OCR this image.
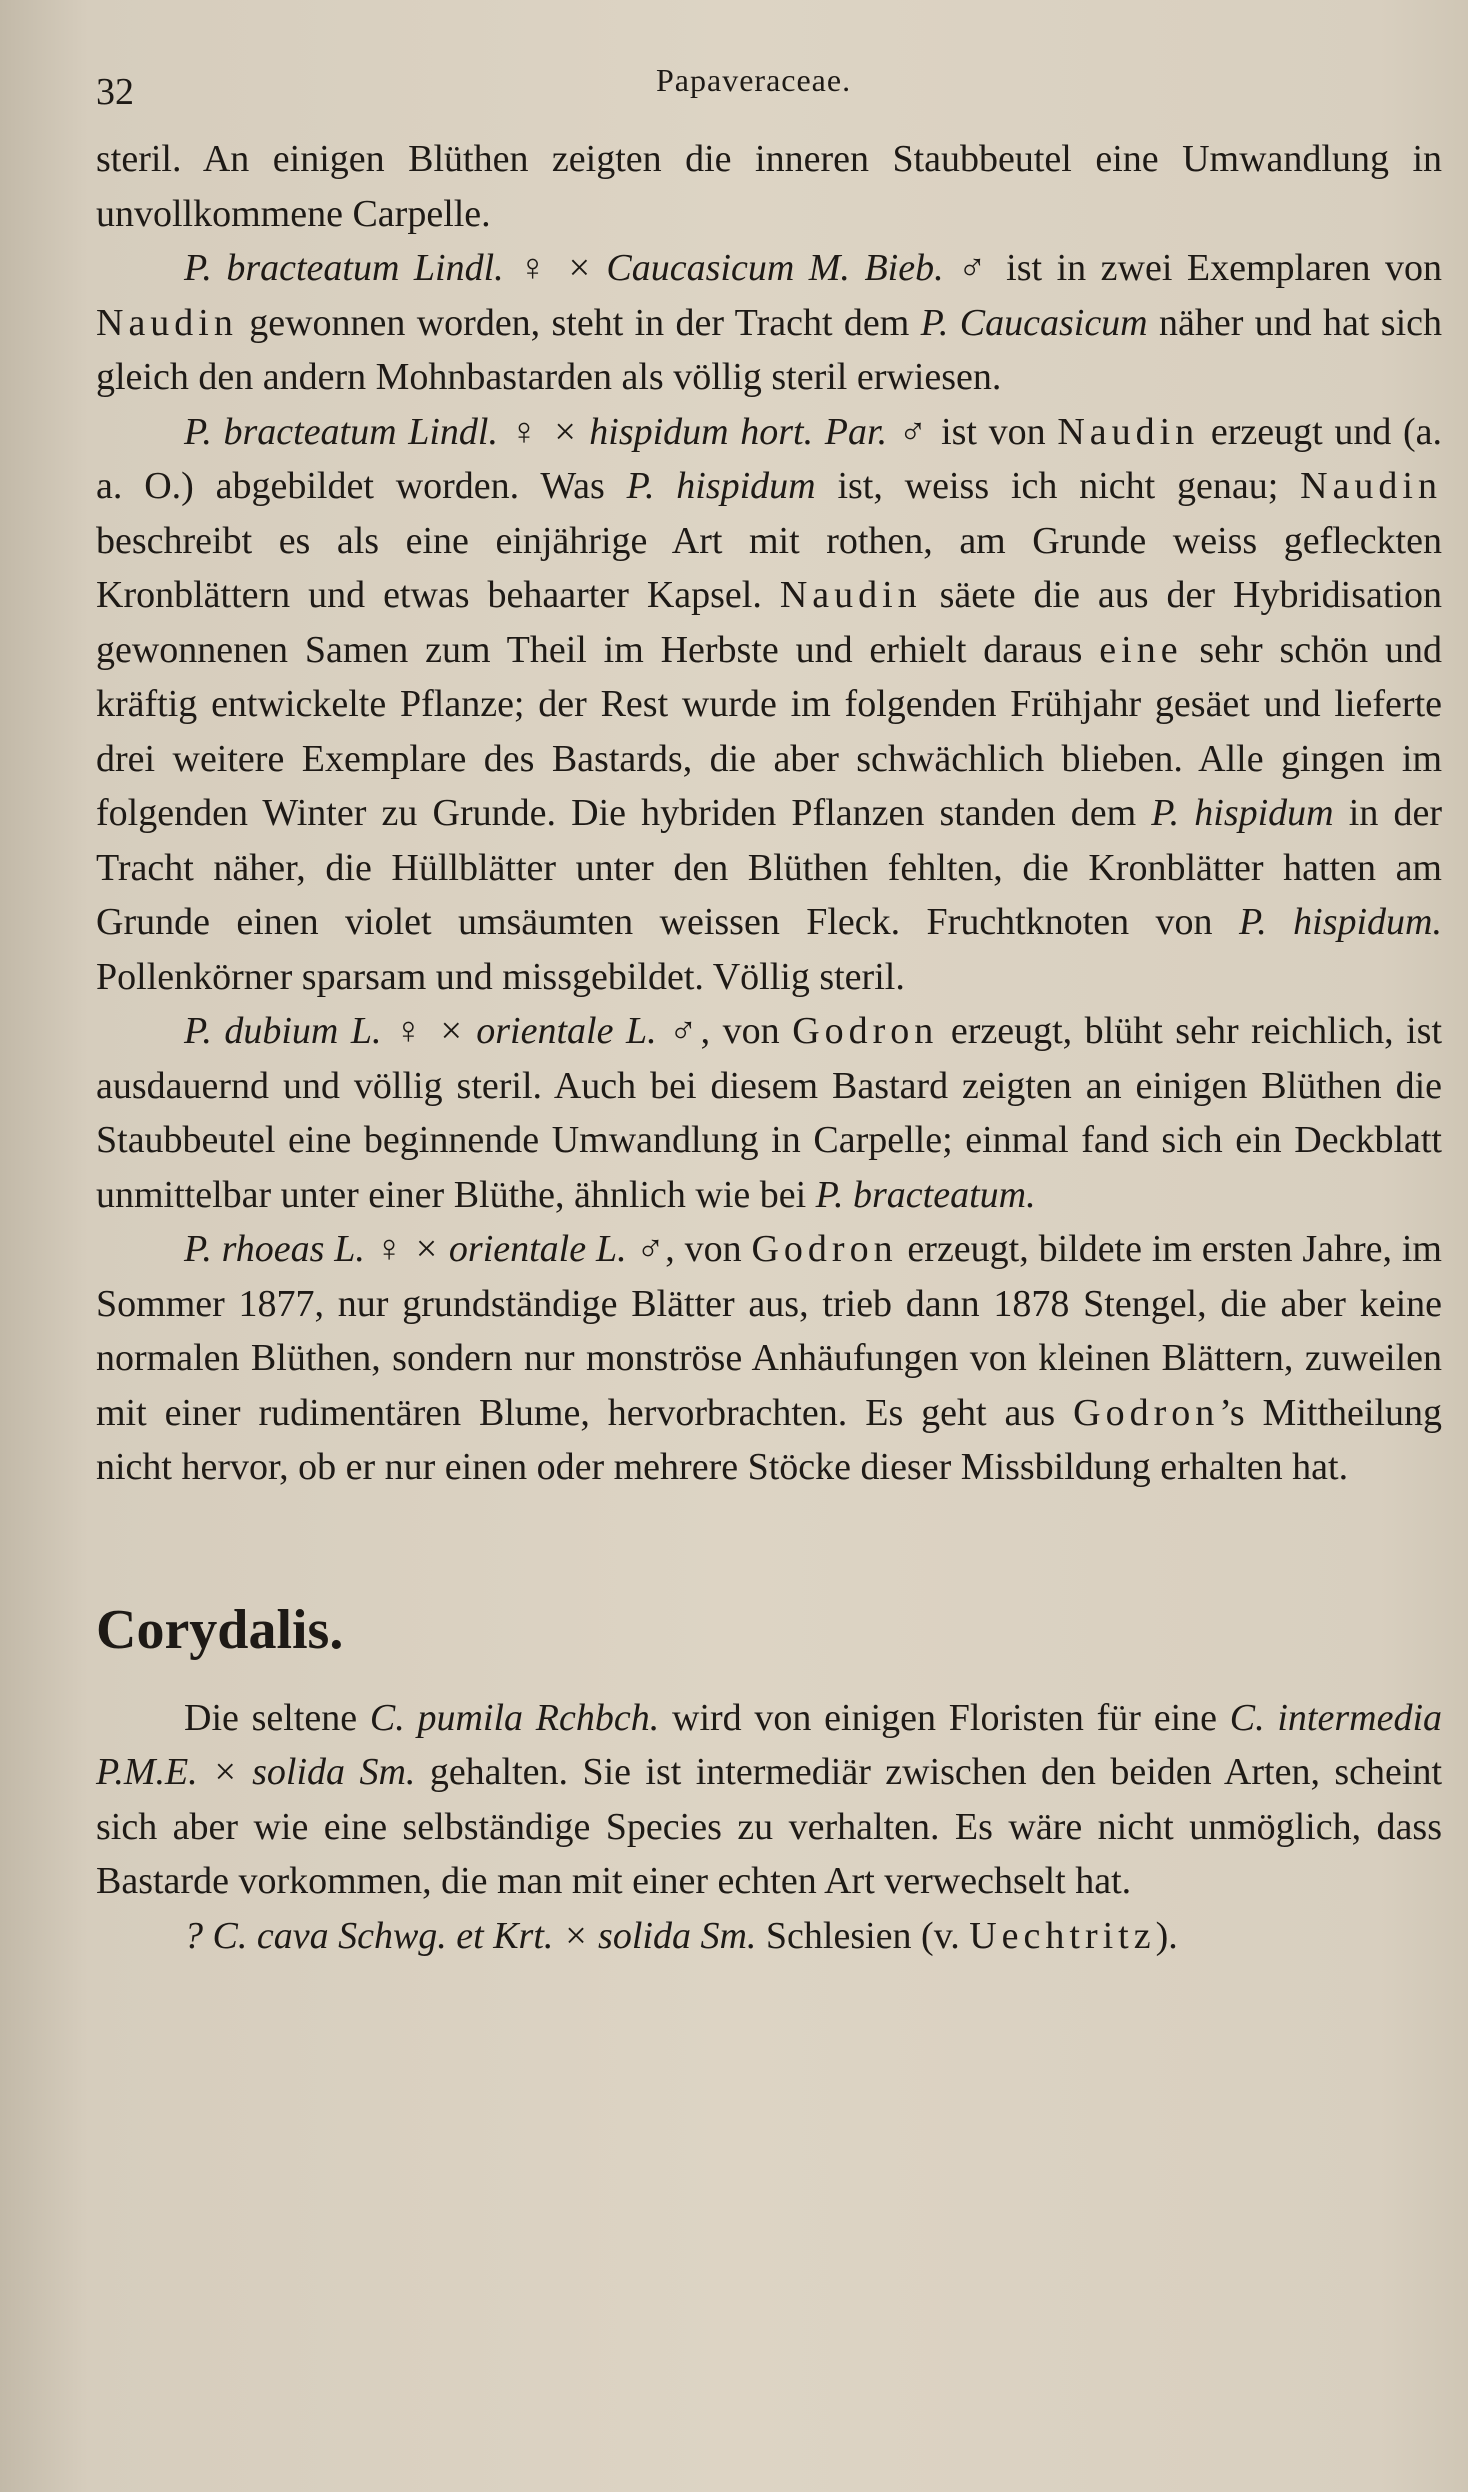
32	Papaveraceae.

steril. An einigen Blüthen zeigten die inneren Staubbeutel eine Umwandlung in unvollkommene Carpelle.

P. bracteatum Lindl. ♀ × Caucasicum M. Bieb. ♂ ist in zwei Exemplaren von Naudin gewonnen worden, steht in der Tracht dem P. Caucasicum näher und hat sich gleich den andern Mohnbastarden als völlig steril erwiesen.

P. bracteatum Lindl. ♀ × hispidum hort. Par. ♂ ist von Naudin erzeugt und (a. a. O.) abgebildet worden. Was P. hispidum ist, weiss ich nicht genau; Naudin beschreibt es als eine einjährige Art mit rothen, am Grunde weiss gefleckten Kronblättern und etwas behaarter Kapsel. Naudin säete die aus der Hybridisation gewonnenen Samen zum Theil im Herbste und erhielt daraus eine sehr schön und kräftig entwickelte Pflanze; der Rest wurde im folgenden Frühjahr gesäet und lieferte drei weitere Exemplare des Bastards, die aber schwächlich blieben. Alle gingen im folgenden Winter zu Grunde. Die hybriden Pflanzen standen dem P. hispidum in der Tracht näher, die Hüllblätter unter den Blüthen fehlten, die Kronblätter hatten am Grunde einen violet umsäumten weissen Fleck. Fruchtknoten von P. hispidum. Pollenkörner sparsam und missgebildet. Völlig steril.

P. dubium L. ♀ × orientale L. ♂, von Godron erzeugt, blüht sehr reichlich, ist ausdauernd und völlig steril. Auch bei diesem Bastard zeigten an einigen Blüthen die Staubbeutel eine beginnende Umwandlung in Carpelle; einmal fand sich ein Deckblatt unmittelbar unter einer Blüthe, ähnlich wie bei P. bracteatum.

P. rhoeas L. ♀ × orientale L. ♂, von Godron erzeugt, bildete im ersten Jahre, im Sommer 1877, nur grundständige Blätter aus, trieb dann 1878 Stengel, die aber keine normalen Blüthen, sondern nur monströse Anhäufungen von kleinen Blättern, zuweilen mit einer rudimentären Blume, hervorbrachten. Es geht aus Godron’s Mittheilung nicht hervor, ob er nur einen oder mehrere Stöcke dieser Missbildung erhalten hat.

Corydalis.

Die seltene C. pumila Rchbch. wird von einigen Floristen für eine C. intermedia P.M.E. × solida Sm. gehalten. Sie ist intermediär zwischen den beiden Arten, scheint sich aber wie eine selbständige Species zu verhalten. Es wäre nicht unmöglich, dass Bastarde vorkommen, die man mit einer echten Art verwechselt hat.

? C. cava Schwg. et Krt. × solida Sm. Schlesien (v. Uechtritz).
